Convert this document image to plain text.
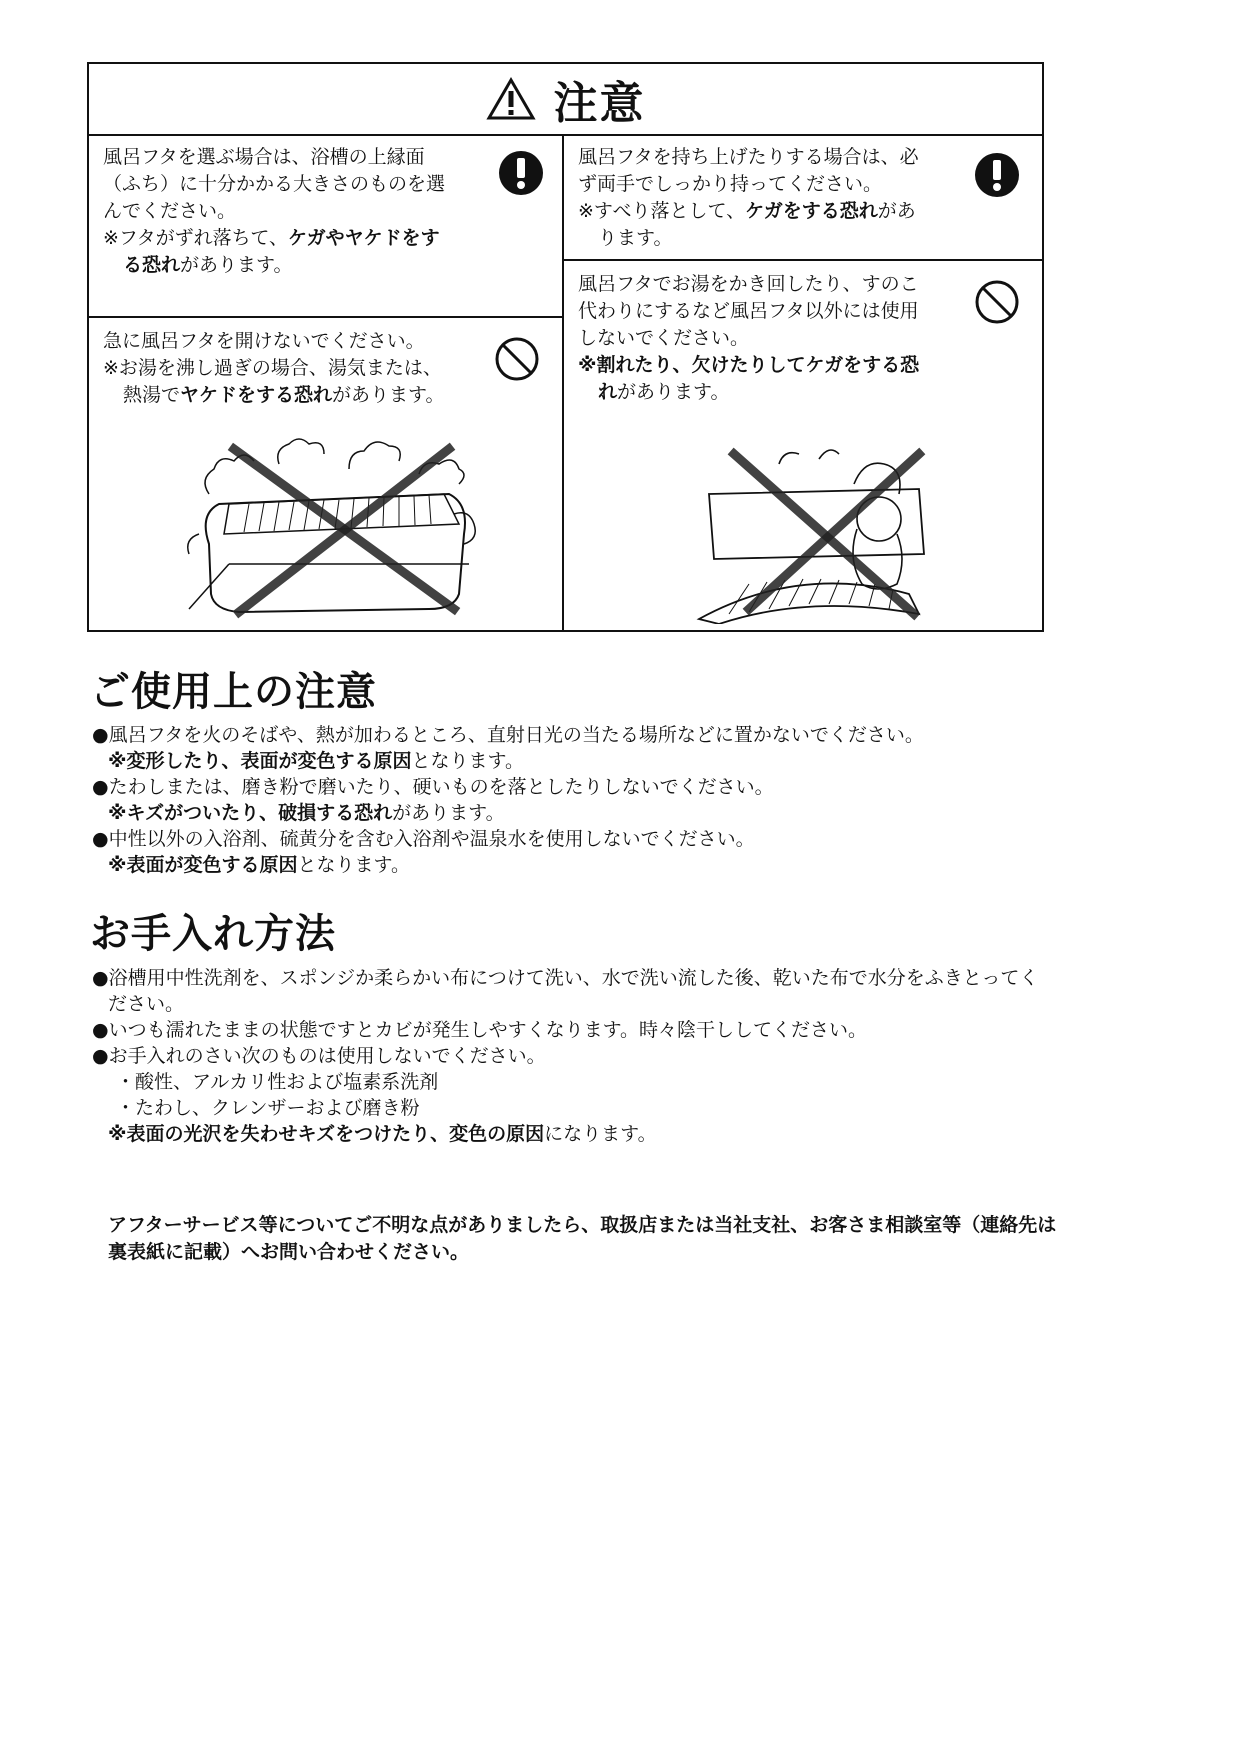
注意
風呂フタを選ぶ場合は、浴槽の上縁面（ふち）に十分かかる大きさのものを選んでください。
※フタがずれ落ちて、ケガやヤケドをする恐れがあります。
風呂フタを持ち上げたりする場合は、必ず両手でしっかり持ってください。
※すべり落として、ケガをする恐れがあります。
急に風呂フタを開けないでください。
※お湯を沸し過ぎの場合、湯気または、熱湯でヤケドをする恐れがあります。
風呂フタでお湯をかき回したり、すのこ代わりにするなど風呂フタ以外には使用しないでください。
※割れたり、欠けたりしてケガをする恐れがあります。
ご使用上の注意
●風呂フタを火のそばや、熱が加わるところ、直射日光の当たる場所などに置かないでください。
※変形したり、表面が変色する原因となります。
●たわしまたは、磨き粉で磨いたり、硬いものを落としたりしないでください。
※キズがついたり、破損する恐れがあります。
●中性以外の入浴剤、硫黄分を含む入浴剤や温泉水を使用しないでください。
※表面が変色する原因となります。
お手入れ方法
●浴槽用中性洗剤を、スポンジか柔らかい布につけて洗い、水で洗い流した後、乾いた布で水分をふきとってください。
●いつも濡れたままの状態ですとカビが発生しやすくなります。時々陰干ししてください。
●お手入れのさい次のものは使用しないでください。
・酸性、アルカリ性および塩素系洗剤
・たわし、クレンザーおよび磨き粉
※表面の光沢を失わせキズをつけたり、変色の原因になります。
アフターサービス等についてご不明な点がありましたら、取扱店または当社支社、お客さま相談室等（連絡先は裏表紙に記載）へお問い合わせください。
